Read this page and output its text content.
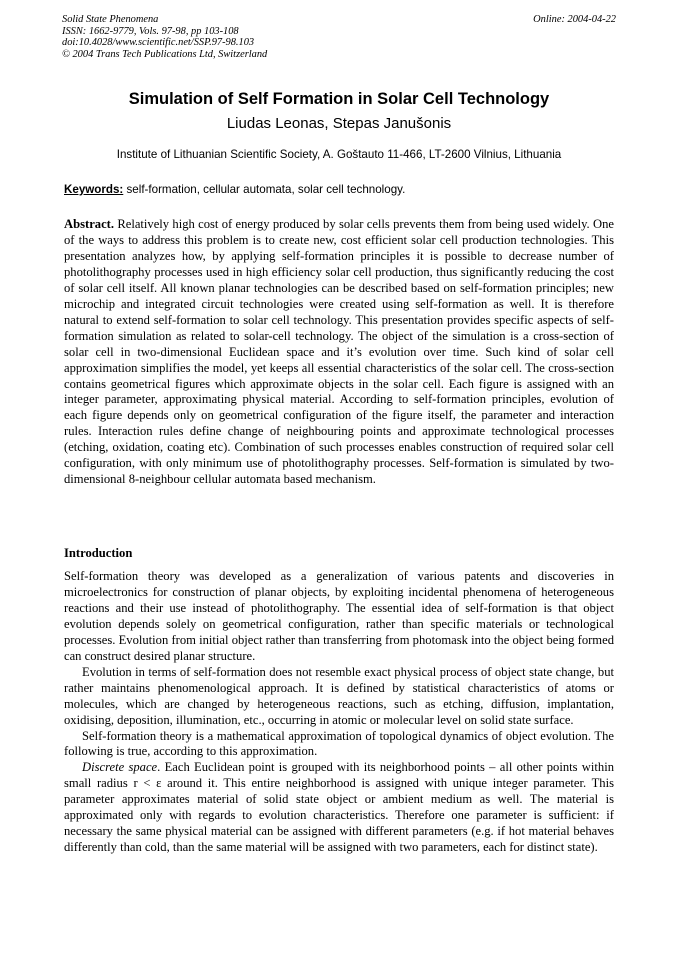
Solid State Phenomena
ISSN: 1662-9779, Vols. 97-98, pp 103-108
doi:10.4028/www.scientific.net/SSP.97-98.103
© 2004 Trans Tech Publications Ltd, Switzerland
Online: 2004-04-22
Simulation of Self Formation in Solar Cell Technology
Liudas Leonas, Stepas Janušonis
Institute of Lithuanian Scientific Society, A. Goštauto 11-466, LT-2600 Vilnius, Lithuania
Keywords: self-formation, cellular automata, solar cell technology.
Abstract. Relatively high cost of energy produced by solar cells prevents them from being used widely. One of the ways to address this problem is to create new, cost efficient solar cell production technologies. This presentation analyzes how, by applying self-formation principles it is possible to decrease number of photolithography processes used in high efficiency solar cell production, thus significantly reducing the cost of solar cell itself. All known planar technologies can be described based on self-formation principles; new microchip and integrated circuit technologies were created using self-formation as well. It is therefore natural to extend self-formation to solar cell technology. This presentation provides specific aspects of self-formation simulation as related to solar-cell technology. The object of the simulation is a cross-section of solar cell in two-dimensional Euclidean space and it’s evolution over time. Such kind of solar cell approximation simplifies the model, yet keeps all essential characteristics of the solar cell. The cross-section contains geometrical figures which approximate objects in the solar cell. Each figure is assigned with an integer parameter, approximating physical material. According to self-formation principles, evolution of each figure depends only on geometrical configuration of the figure itself, the parameter and interaction rules. Interaction rules define change of neighbouring points and approximate technological processes (etching, oxidation, coating etc). Combination of such processes enables construction of required solar cell configuration, with only minimum use of photolithography processes. Self-formation is simulated by two-dimensional 8-neighbour cellular automata based mechanism.
Introduction

Self-formation theory was developed as a generalization of various patents and discoveries in microelectronics for construction of planar objects, by exploiting incidental phenomena of heterogeneous reactions and their use instead of photolithography. The essential idea of self-formation is that object evolution depends solely on geometrical configuration, rather than specific materials or technological processes. Evolution from initial object rather than transferring from photomask into the object being formed can construct desired planar structure.

Evolution in terms of self-formation does not resemble exact physical process of object state change, but rather maintains phenomenological approach. It is defined by statistical characteristics of atoms or molecules, which are changed by heterogeneous reactions, such as etching, diffusion, implantation, oxidising, deposition, illumination, etc., occurring in atomic or molecular level on solid state surface.

Self-formation theory is a mathematical approximation of topological dynamics of object evolution. The following is true, according to this approximation.

Discrete space. Each Euclidean point is grouped with its neighborhood points – all other points within small radius r < ε around it. This entire neighborhood is assigned with unique integer parameter. This parameter approximates material of solid state object or ambient medium as well. The material is approximated only with regards to evolution characteristics. Therefore one parameter is sufficient: if necessary the same physical material can be assigned with different parameters (e.g. if hot material behaves differently than cold, than the same material will be assigned with two parameters, each for distinct state).
